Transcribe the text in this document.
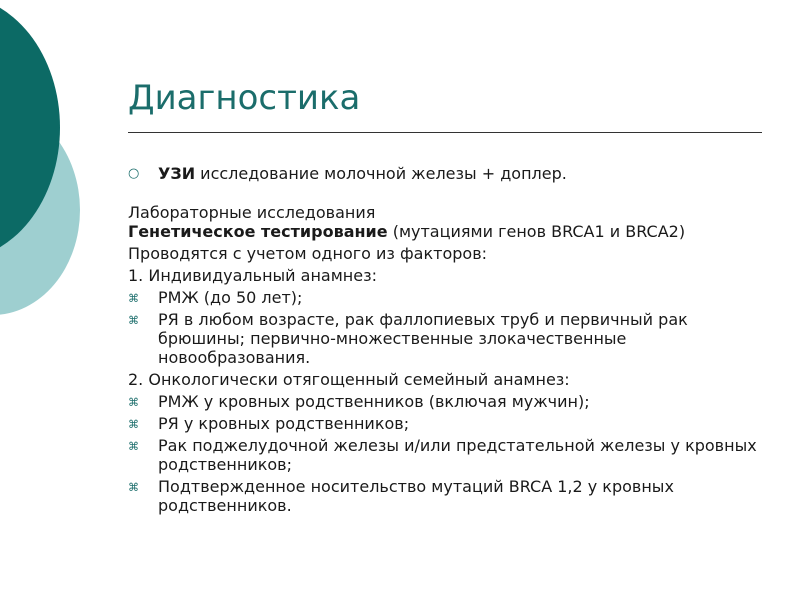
Диагностика

○ УЗИ исследование молочной железы + доплер.

Лабораторные исследования

Генетическое тестирование (мутациями генов BRCA1 и BRCA2)

Проводятся с учетом одного из факторов:

1. Индивидуальный анамнез:

⌘ РМЖ (до 50 лет);

⌘ РЯ в любом возрасте, рак фаллопиевых труб и первичный рак брюшины; первично-множественные злокачественные новообразования.

2. Онкологически отягощенный семейный анамнез:

⌘ РМЖ у кровных родственников (включая мужчин);

⌘ РЯ у кровных родственников;

⌘ Рак поджелудочной железы и/или предстательной железы у кровных родственников;

⌘ Подтвержденное носительство мутаций BRCA 1,2 у кровных родственников.
